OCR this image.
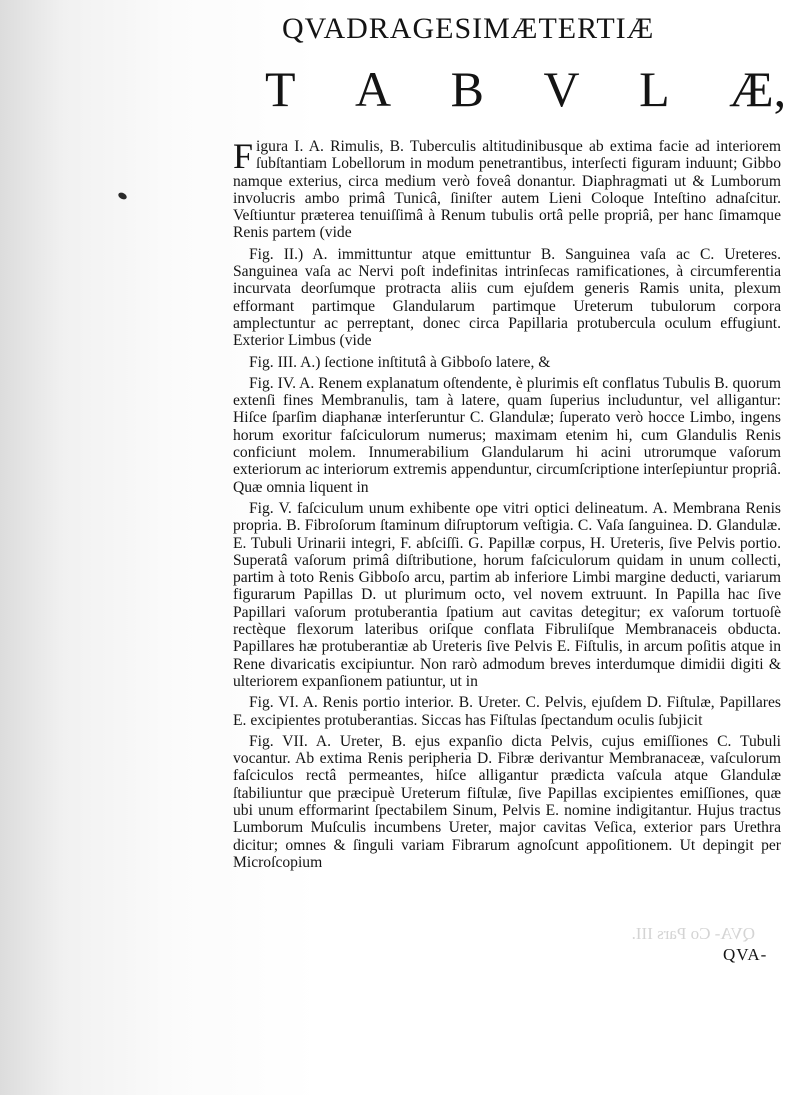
QVADRAGESIMÆTERTIÆ
T A B V L Æ,

Figura I. A. Rimulis, B. Tuberculis altitudinibusque ab extima facie ad interiorem ſubſtantiam Lobellorum in modum penetrantibus, interſecti figuram induunt; Gibbo namque exterius, circa medium verò foveâ donantur. Diaphragmati ut & Lumborum involucris ambo primâ Tunicâ, ſiniſter autem Lieni Coloque Inteſtino adnaſcitur. Veſtiuntur præterea tenuiſſimâ à Renum tubulis ortâ pelle propriâ, per hanc ſimamque Renis partem (vide

Fig. II.) A. immittuntur atque emittuntur B. Sanguinea vaſa ac C. Ureteres. Sanguinea vaſa ac Nervi poſt indefinitas intrinſecas ramificationes, à circumferentia incurvata deorſumque protracta aliis cum ejuſdem generis Ramis unita, plexum efformant partimque Glandularum partimque Ureterum tubulorum corpora amplectuntur ac perreptant, donec circa Papillaria protubercula oculum effugiunt. Exterior Limbus (vide

Fig. III. A.) ſectione inſtitutâ à Gibboſo latere, &

Fig. IV. A. Renem explanatum oſtendente, è plurimis eſt conflatus Tubulis B. quorum extenſi fines Membranulis, tam à latere, quam ſuperius includuntur, vel alligantur: Hiſce ſparſim diaphanæ interſeruntur C. Glandulæ; ſuperato verò hocce Limbo, ingens horum exoritur faſciculorum numerus; maximam etenim hi, cum Glandulis Renis conficiunt molem. Innumerabilium Glandularum hi acini utrorumque vaſorum exteriorum ac interiorum extremis appenduntur, circumſcriptione interſepiuntur propriâ. Quæ omnia liquent in

Fig. V. faſciculum unum exhibente ope vitri optici delineatum. A. Membrana Renis propria. B. Fibroſorum ſtaminum diſruptorum veſtigia. C. Vaſa ſanguinea. D. Glandulæ. E. Tubuli Urinarii integri, F. abſciſſi. G. Papillæ corpus, H. Ureteris, ſive Pelvis portio. Superatâ vaſorum primâ diſtributione, horum faſciculorum quidam in unum collecti, partim à toto Renis Gibboſo arcu, partim ab inferiore Limbi margine deducti, variarum figurarum Papillas D. ut plurimum octo, vel novem extruunt. In Papilla hac ſive Papillari vaſorum protuberantia ſpatium aut cavitas detegitur; ex vaſorum tortuoſè rectèque flexorum lateribus oriſque conflata Fibruliſque Membranaceis obducta. Papillares hæ protuberantiæ ab Ureteris ſive Pelvis E. Fiſtulis, in arcum poſitis atque in Rene divaricatis excipiuntur. Non rarò admodum breves interdumque dimidii digiti & ulteriorem expanſionem patiuntur, ut in

Fig. VI. A. Renis portio interior. B. Ureter. C. Pelvis, ejuſdem D. Fiſtulæ, Papillares E. excipientes protuberantias. Siccas has Fiſtulas ſpectandum oculis ſubjicit

Fig. VII. A. Ureter, B. ejus expanſio dicta Pelvis, cujus emiſſiones C. Tubuli vocantur. Ab extima Renis peripheria D. Fibræ derivantur Membranaceæ, vaſculorum faſciculos rectâ permeantes, hiſce alligantur prædicta vaſcula atque Glandulæ ſtabiliuntur que præcipuè Ureterum fiſtulæ, ſive Papillas excipientes emiſſiones, quæ ubi unum efformarint ſpectabilem Sinum, Pelvis E. nomine indigitantur. Hujus tractus Lumborum Muſculis incumbens Ureter, major cavitas Veſica, exterior pars Urethra dicitur; omnes & ſinguli variam Fibrarum agnoſcunt appoſitionem. Ut depingit per Microſcopium

QVA- Co Pars III.
QVA-
